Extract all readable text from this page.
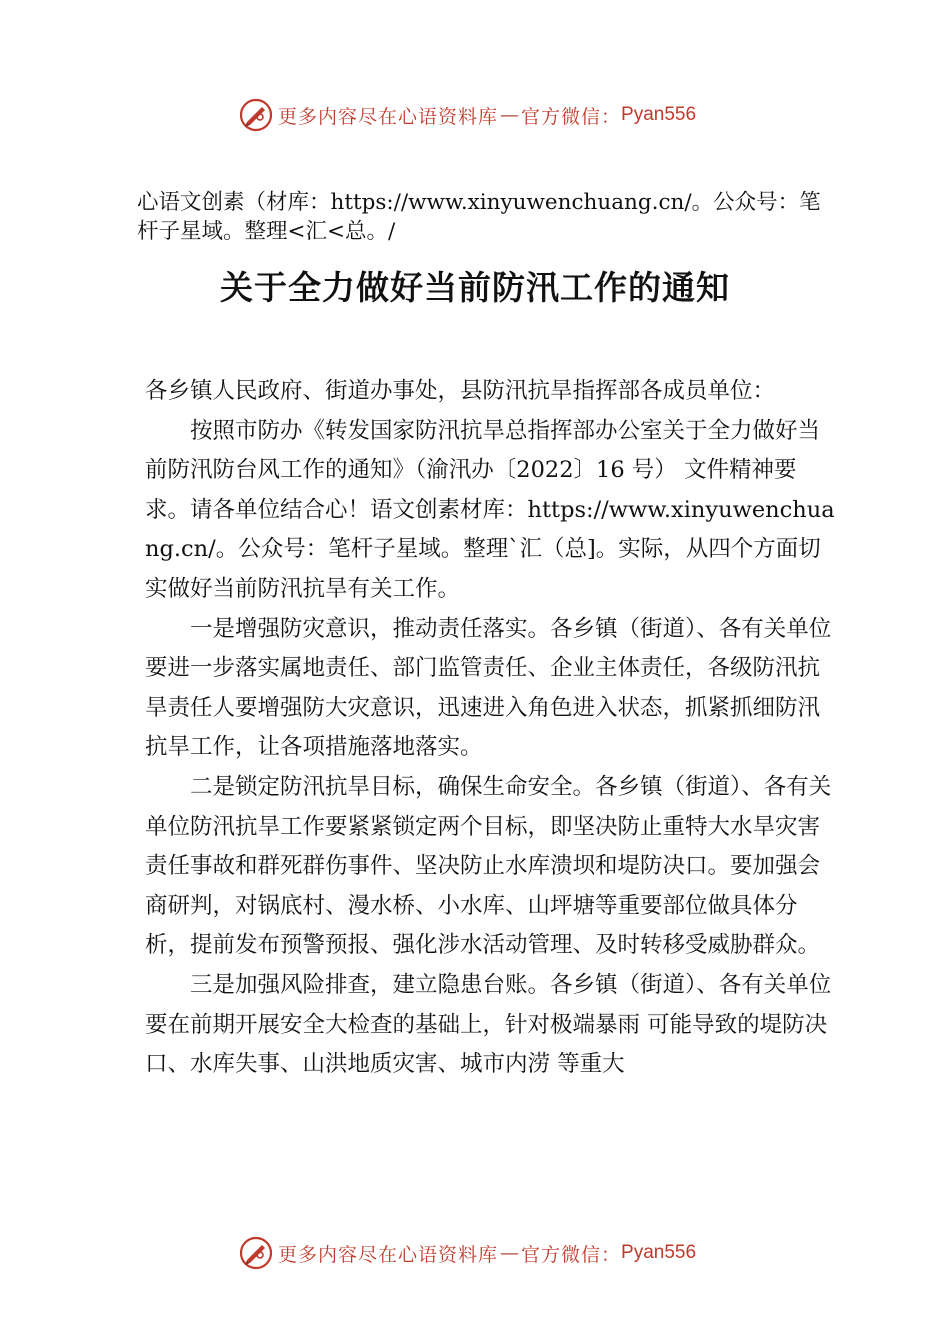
更多内容尽在心语资料库 — 官方微信： Pyan556
心语文创素（材库：https://www.xinyuwenchuang.cn/。公众号：笔杆子星域。整理<汇<总。/
关于全力做好当前防汛工作的通知

各乡镇人民政府、街道办事处，县防汛抗旱指挥部各成员单位：

按照市防办《转发国家防汛抗旱总指挥部办公室关于全力做好当前防汛防台风工作的通知》（渝汛办〔2022〕16 号） 文件精神要求。请各单位结合心！语文创素材库：https://www.xinyuwenchuang.cn/。公众号：笔杆子星域。整理`汇（总]。实际，从四个方面切实做好当前防汛抗旱有关工作。

一是增强防灾意识，推动责任落实。各乡镇（街道）、各有关单位要进一步落实属地责任、部门监管责任、企业主体责任，各级防汛抗旱责任人要增强防大灾意识，迅速进入角色进入状态，抓紧抓细防汛抗旱工作，让各项措施落地落实。

二是锁定防汛抗旱目标，确保生命安全。各乡镇（街道）、各有关单位防汛抗旱工作要紧紧锁定两个目标，即坚决防止重特大水旱灾害责任事故和群死群伤事件、坚决防止水库溃坝和堤防决口。要加强会商研判，对锅底村、漫水桥、小水库、山坪塘等重要部位做具体分析，提前发布预警预报、强化涉水活动管理、及时转移受威胁群众。

三是加强风险排查，建立隐患台账。各乡镇（街道）、各有关单位要在前期开展安全大检查的基础上，针对极端暴雨 可能导致的堤防决口、水库失事、山洪地质灾害、城市内涝 等重大

更多内容尽在心语资料库 — 官方微信： Pyan556
